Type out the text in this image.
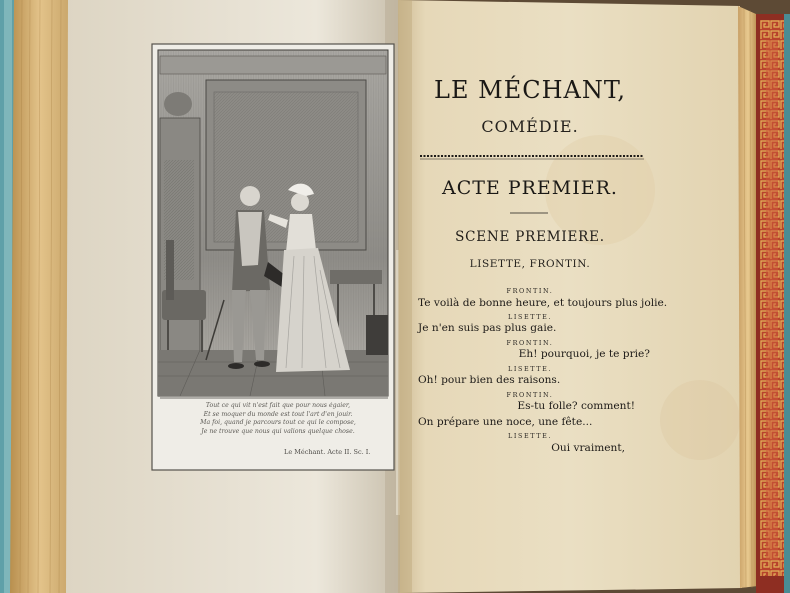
Tout ce qui vit n'est fait que pour nous égaier,
Et se moquer du monde est tout l'art d'en jouir.
Ma foi, quand je parcours tout ce qui le compose,
Je ne trouve que nous qui valions quelque chose.
Le Méchant. Acte II. Sc. I.
LE MÉCHANT,
COMÉDIE.
ACTE PREMIER.
SCENE PREMIERE.
LISETTE, FRONTIN.
FRONTIN.
Te voilà de bonne heure, et toujours plus jolie.
LISETTE.
Je n'en suis pas plus gaie.
FRONTIN.
Eh! pourquoi, je te prie?
LISETTE.
Oh! pour bien des raisons.
FRONTIN.
Es-tu folle? comment!
On prépare une noce, une fête...
LISETTE.
Oui vraiment,
